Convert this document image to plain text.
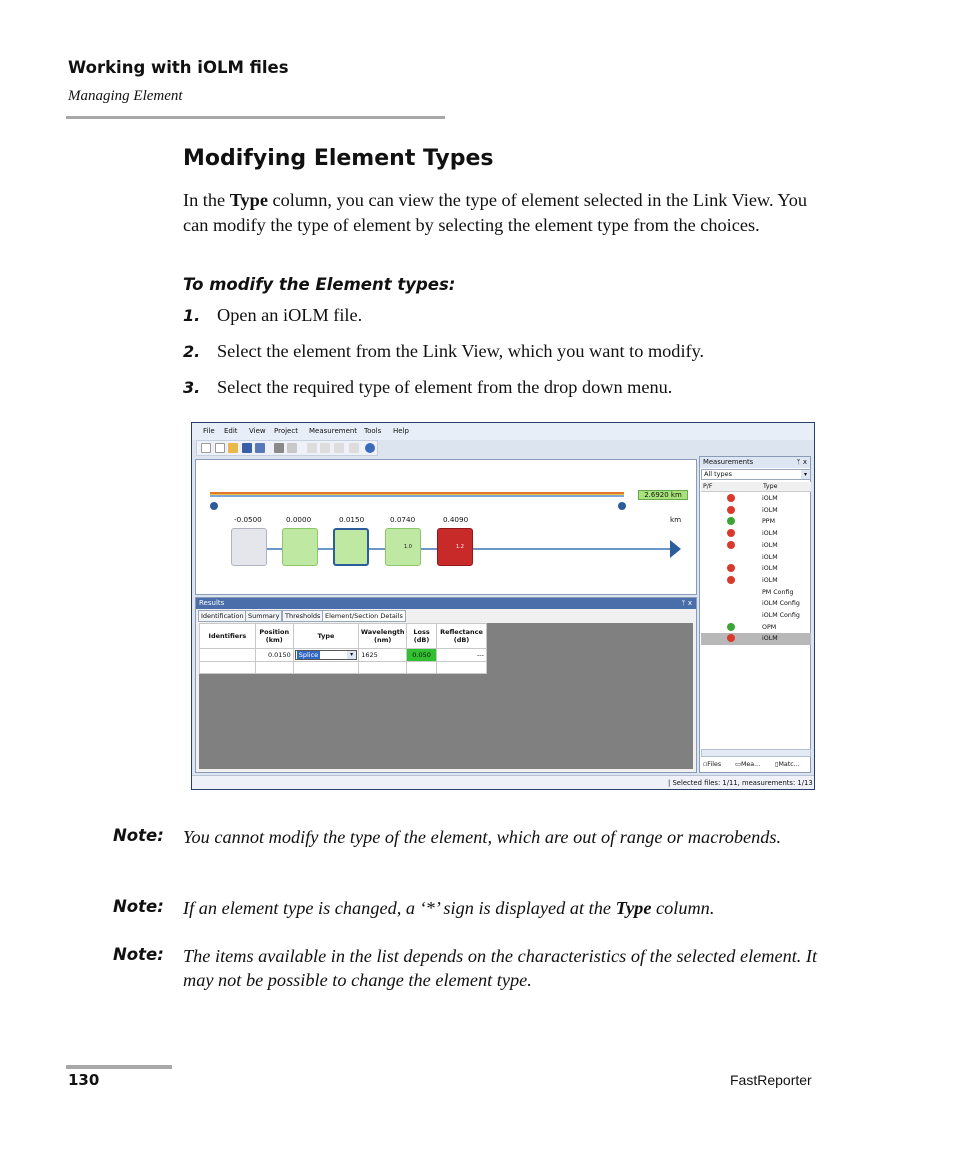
Working with iOLM files
Managing Element
Modifying Element Types
In the Type column, you can view the type of element selected in the Link View. You can modify the type of element by selecting the element type from the choices.
To modify the Element types:
1. Open an iOLM file.
2. Select the element from the Link View, which you want to modify.
3. Select the required type of element from the drop down menu.
File Edit View Project Measurement Tools Help
2.6920 km
-0.0500	0.0000	0.0150	0.0740	0.4090	km
1.0	1.2
Results	ᛘ x
Identification Summary Thresholds Element/Section Details
Identifiers	Position (km)	Type	Wavelength (nm)	Loss (dB)	Reflectance (dB)
	0.0150	Splice ▾	1625	0.050	---

Measurements	ᛘ x
All types	▾
P/F	Type
iOLM
iOLM
PPM
iOLM
iOLM
iOLM
iOLM
iOLM
PM Config
iOLM Config
iOLM Config
OPM
iOLM
▫Files ▭Mea... ▯Matc...
| Selected files: 1/11, measurements: 1/13
Note: You cannot modify the type of the element, which are out of range or macrobends.
Note: If an element type is changed, a ‘*’ sign is displayed at the Type column.
Note: The items available in the list depends on the characteristics of the selected element. It may not be possible to change the element type.
130	FastReporter
